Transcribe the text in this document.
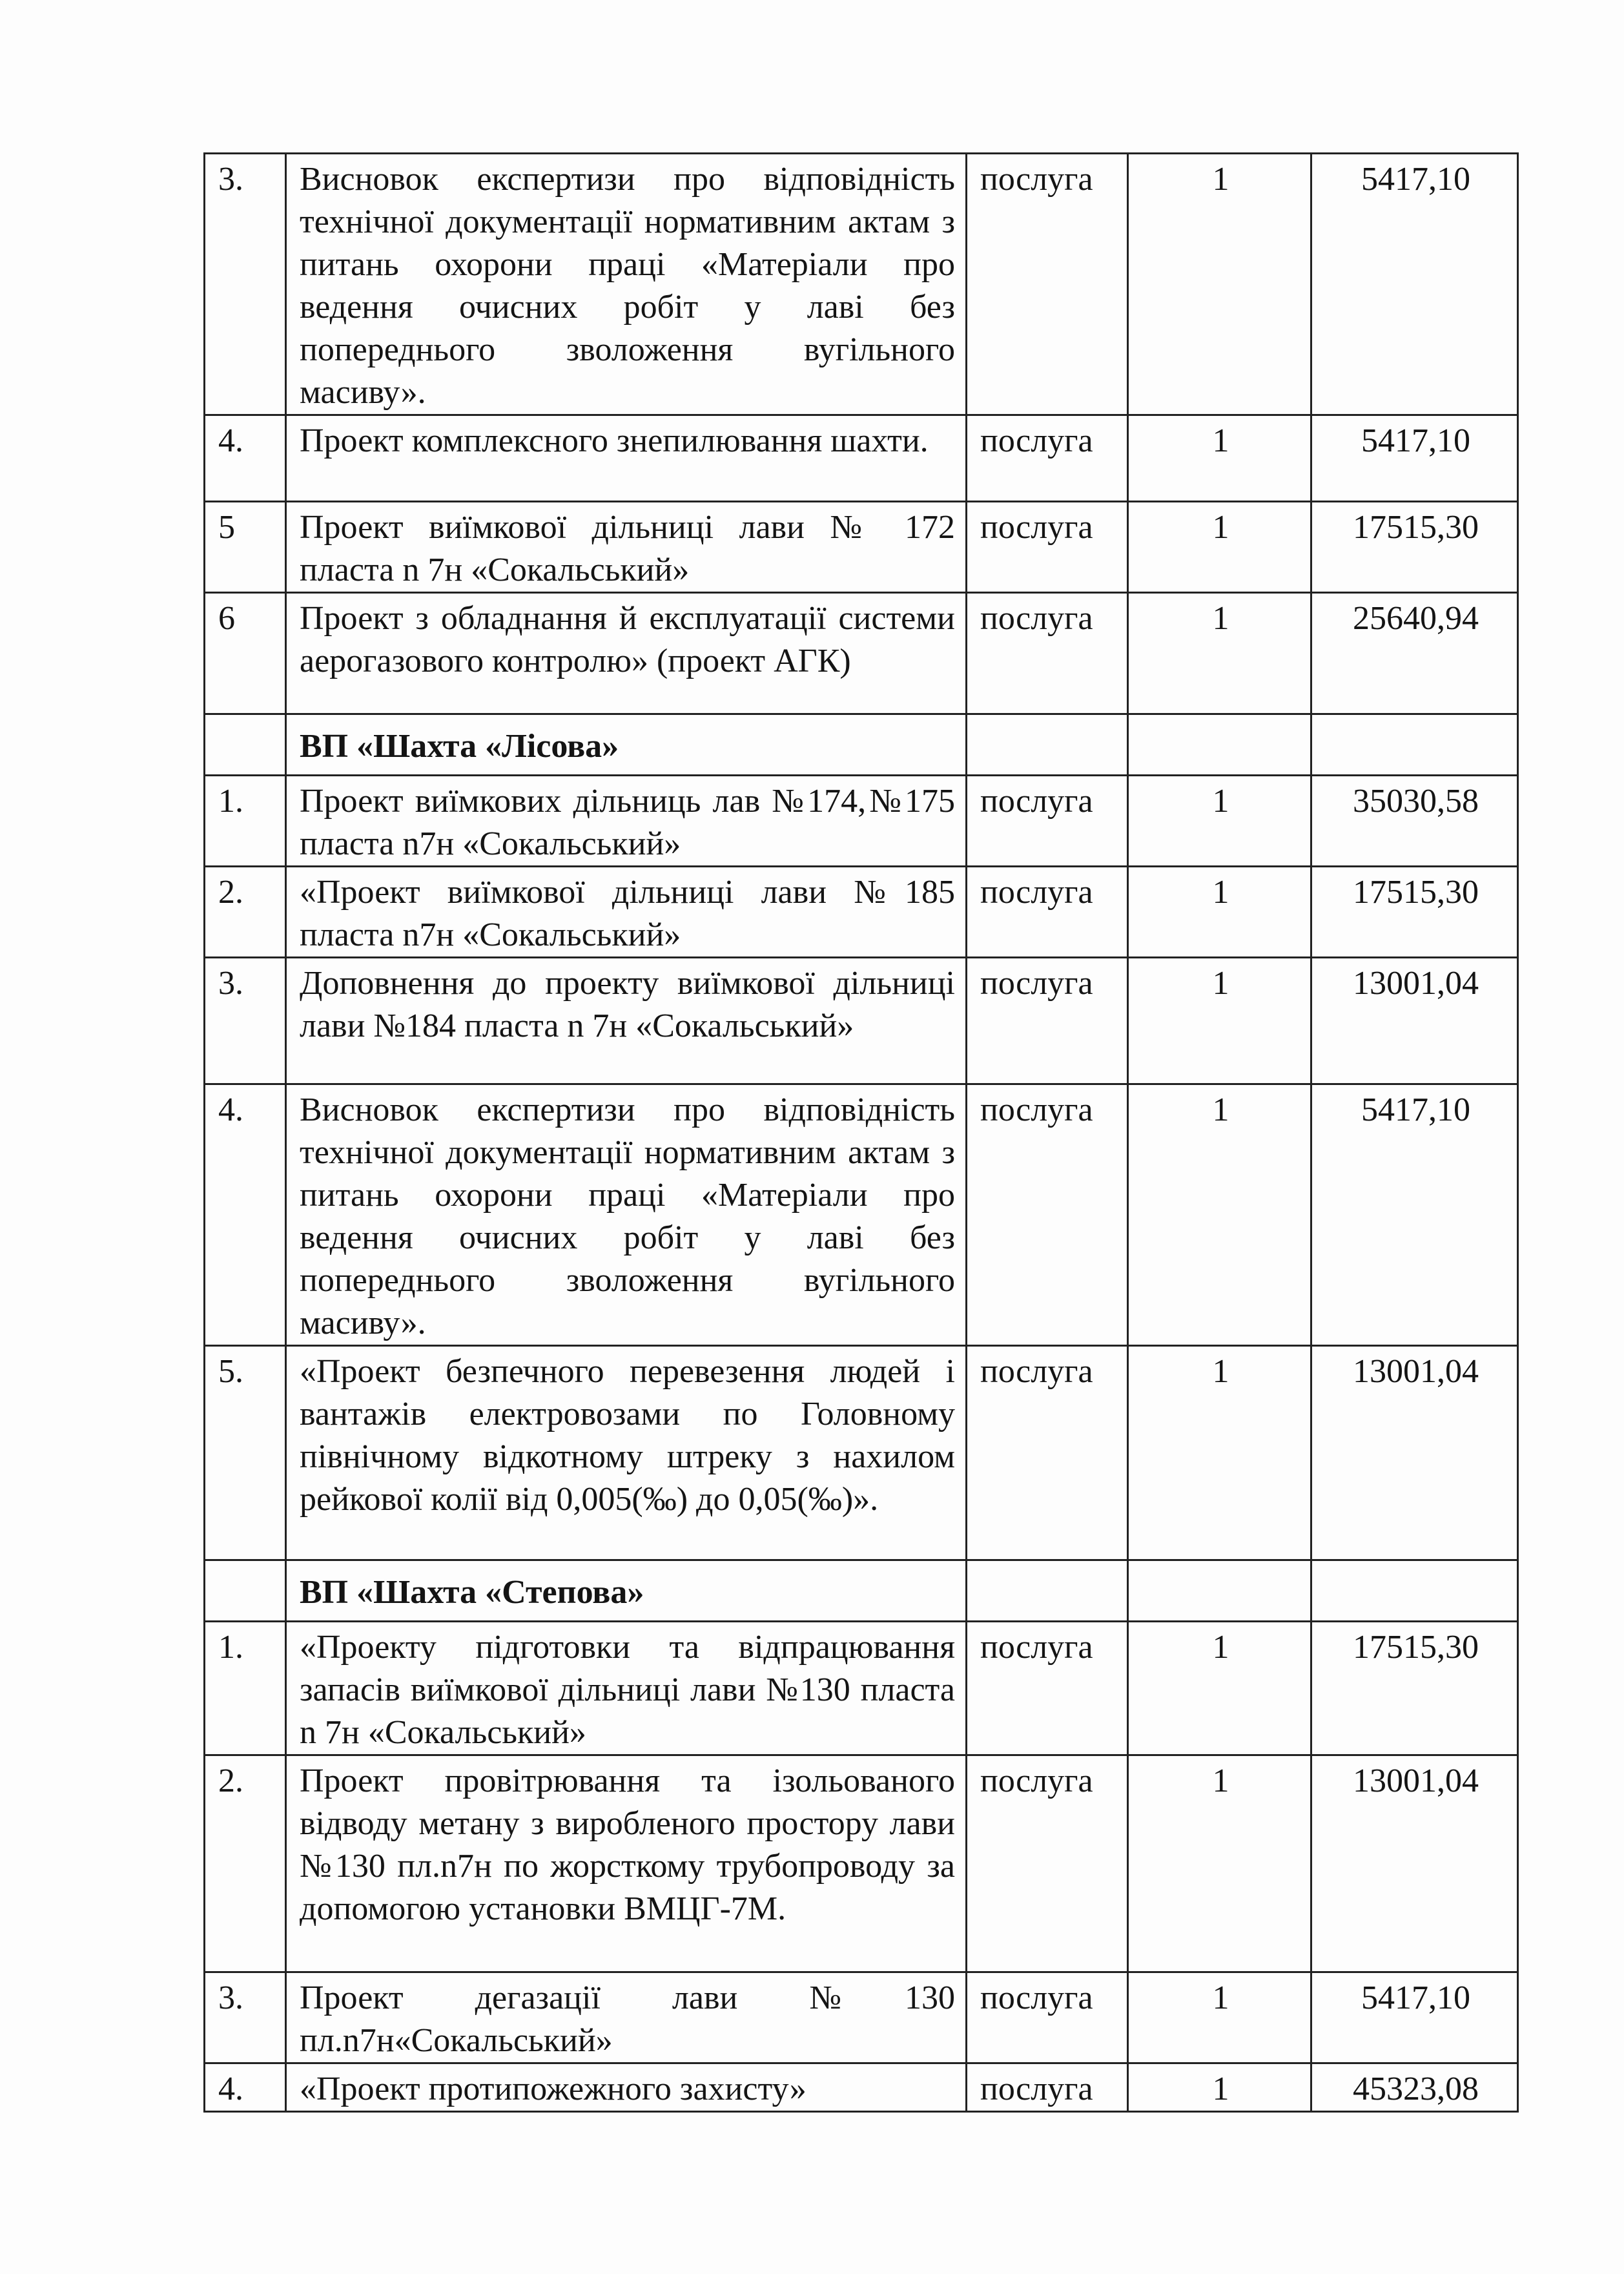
3.	Висновок експертизи про відповідність технічної документації нормативним актам з питань охорони праці «Матеріали про ведення очисних робіт у лаві без попереднього зволоження вугільного масиву».	послуга	1	5417,10
4.	Проект комплексного знепилювання шахти.	послуга	1	5417,10
5	Проект виїмкової дільниці лави № 172 пласта n 7н «Сокальський»	послуга	1	17515,30
6	Проект з обладнання й експлуатації системи аерогазового контролю» (проект АГК)	послуга	1	25640,94
	ВП «Шахта «Лісова»			
1.	Проект виїмкових дільниць лав №174,№175 пласта n7н «Сокальський»	послуга	1	35030,58
2.	«Проект виїмкової дільниці лави №185 пласта n7н «Сокальський»	послуга	1	17515,30
3.	Доповнення до проекту виїмкової дільниці лави №184 пласта n 7н «Сокальський»	послуга	1	13001,04
4.	Висновок експертизи про відповідність технічної документації нормативним актам з питань охорони праці «Матеріали про ведення очисних робіт у лаві без попереднього зволоження вугільного масиву».	послуга	1	5417,10
5.	«Проект безпечного перевезення людей і вантажів електровозами по Головному північному відкотному штреку з нахилом рейкової колії від 0,005(‰) до 0,05(‰)».	послуга	1	13001,04
	ВП «Шахта «Степова»			
1.	«Проекту підготовки та відпрацювання запасів виїмкової дільниці лави №130 пласта n 7н «Сокальський»	послуга	1	17515,30
2.	Проект провітрювання та ізольованого відводу метану з виробленого простору лави №130 пл.n7н по жорсткому трубопроводу за допомогою установки ВМЦГ-7М.	послуга	1	13001,04
3.	Проект дегазації лави №130 пл.n7н«Сокальський»	послуга	1	5417,10
4.	«Проект протипожежного захисту»	послуга	1	45323,08
